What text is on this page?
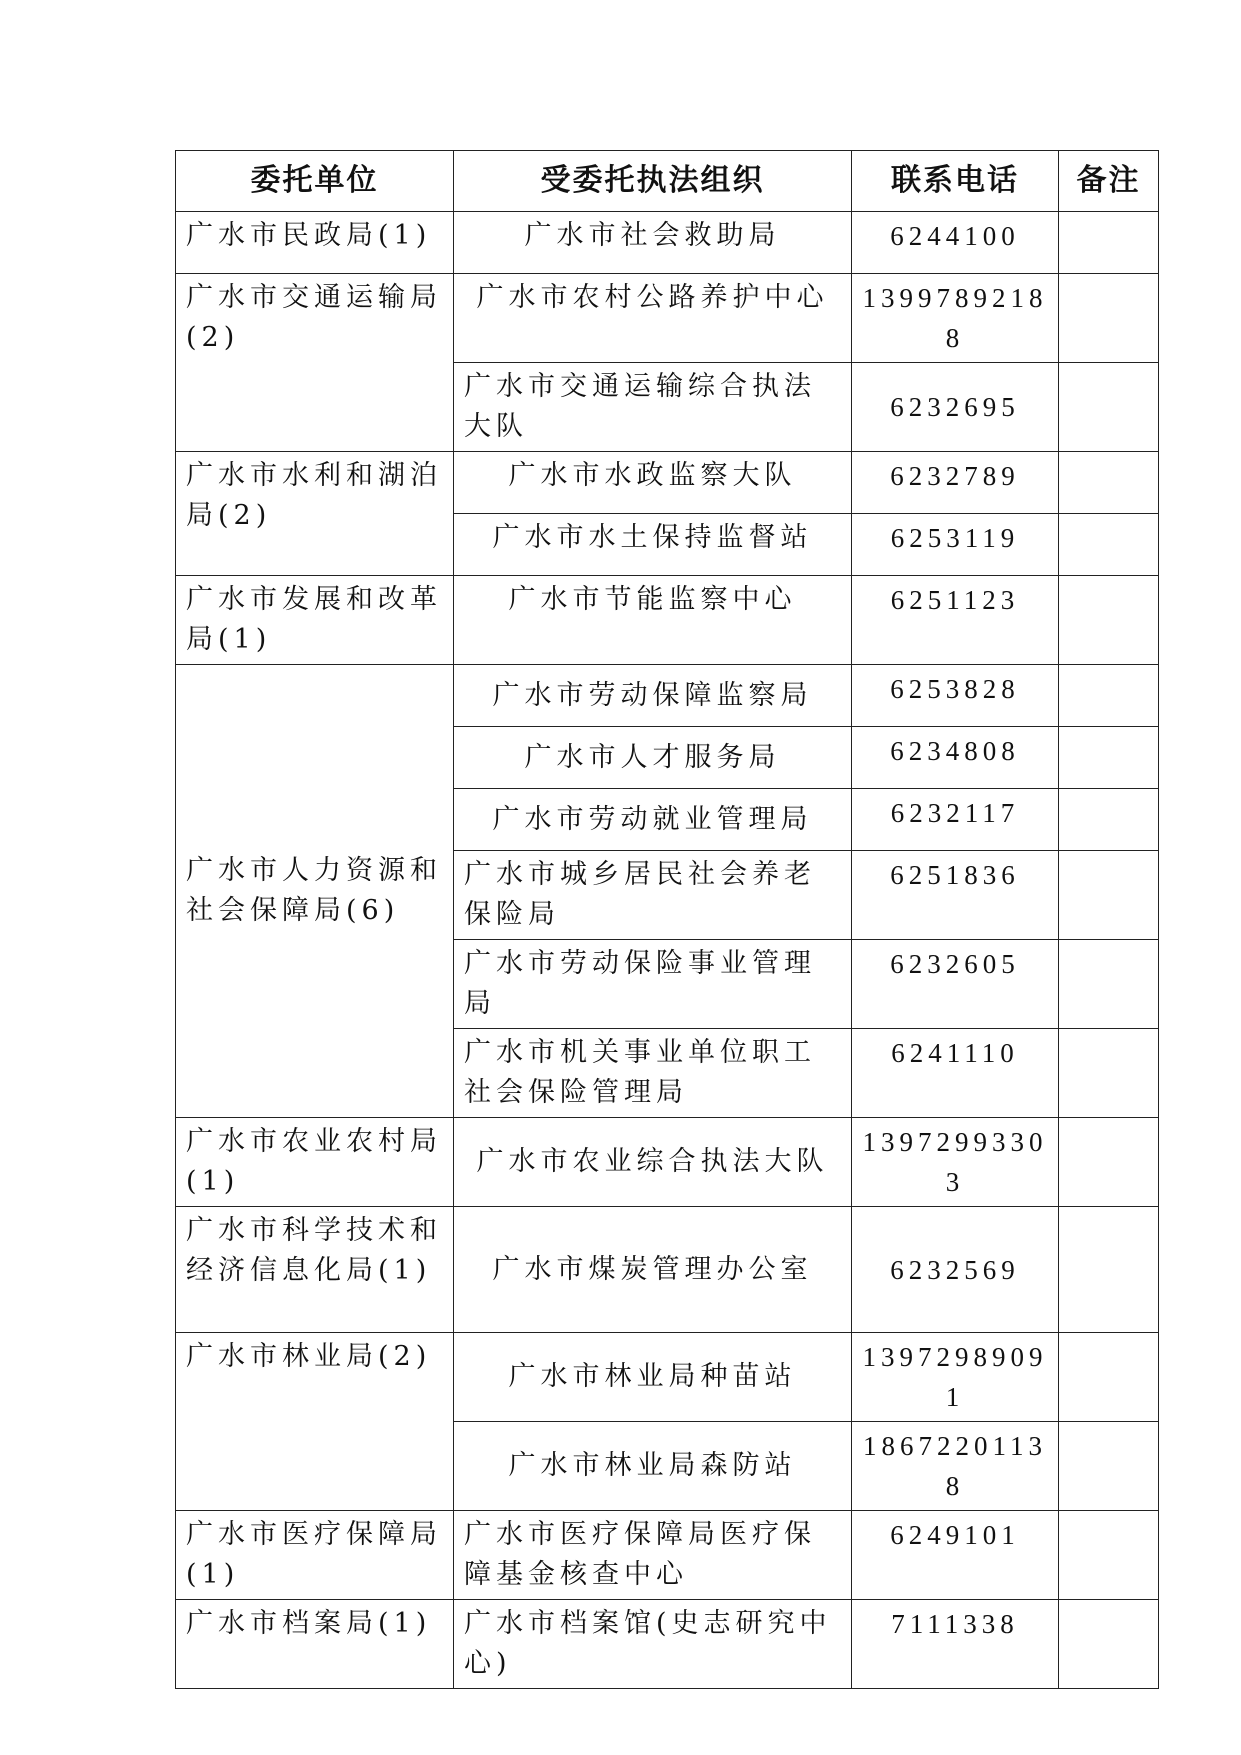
委托单位	受委托执法组织	联系电话	备注
广水市民政局(1)	广水市社会救助局	6244100	
广水市交通运输局(2)	广水市农村公路养护中心	13997892188	
	广水市交通运输综合执法大队	6232695	
广水市水利和湖泊局(2)	广水市水政监察大队	6232789	
	广水市水土保持监督站	6253119	
广水市发展和改革局(1)	广水市节能监察中心	6251123	
广水市人力资源和社会保障局(6)	广水市劳动保障监察局	6253828	
	广水市人才服务局	6234808	
	广水市劳动就业管理局	6232117	
	广水市城乡居民社会养老保险局	6251836	
	广水市劳动保险事业管理局	6232605	
	广水市机关事业单位职工社会保险管理局	6241110	
广水市农业农村局(1)	广水市农业综合执法大队	13972993303	
广水市科学技术和经济信息化局(1)	广水市煤炭管理办公室	6232569	
广水市林业局(2)	广水市林业局种苗站	13972989091	
	广水市林业局森防站	18672201138	
广水市医疗保障局(1)	广水市医疗保障局医疗保障基金核查中心	6249101	
广水市档案局(1)	广水市档案馆(史志研究中心)	7111338	
